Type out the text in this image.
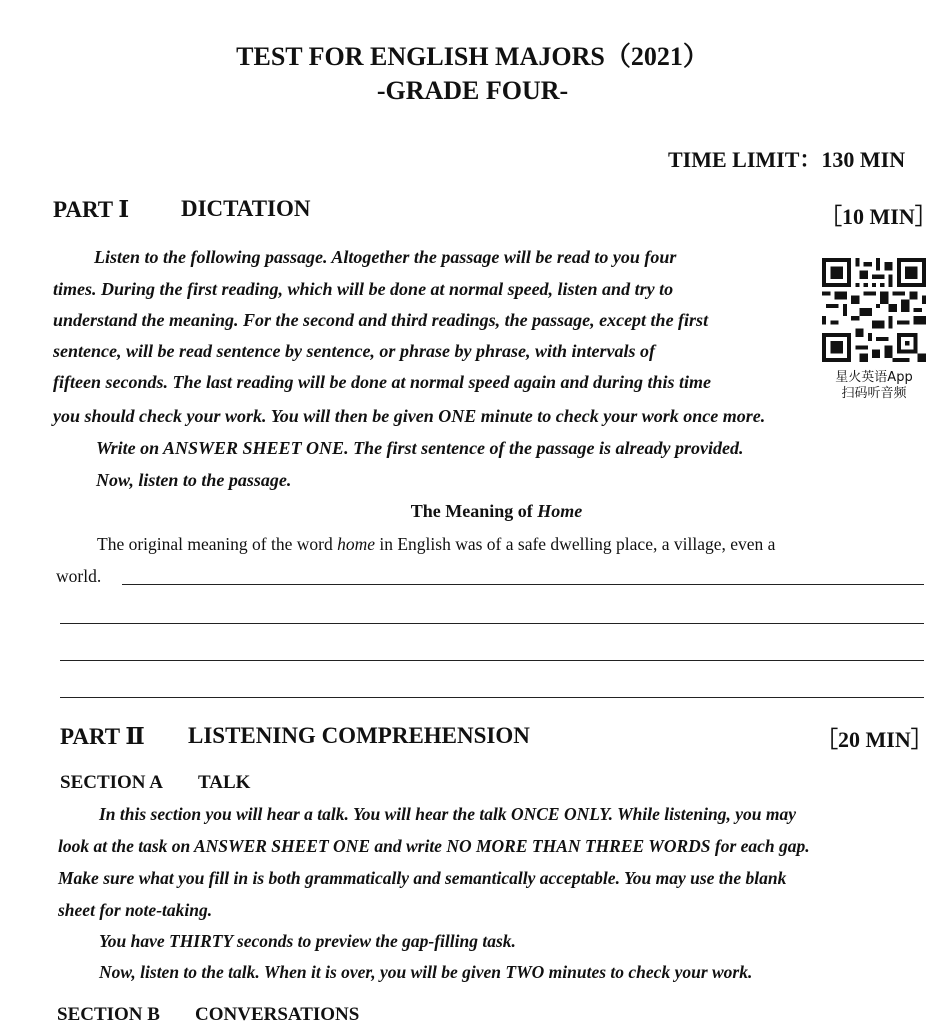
TEST FOR ENGLISH MAJORS（2021）
-GRADE FOUR-
TIME LIMIT：130 MIN
PART Ⅰ DICTATION	［10 MIN］
Listen to the following passage. Altogether the passage will be read to you four
times. During the first reading, which will be done at normal speed, listen and try to
understand the meaning. For the second and third readings, the passage, except the first
sentence, will be read sentence by sentence, or phrase by phrase, with intervals of
fifteen seconds. The last reading will be done at normal speed again and during this time
you should check your work. You will then be given ONE minute to check your work once more.
Write on ANSWER SHEET ONE. The first sentence of the passage is already provided.
Now, listen to the passage.
星火英语App
扫码听音频
The Meaning of Home
The original meaning of the word home in English was of a safe dwelling place, a village, even a
world.
PART Ⅱ LISTENING COMPREHENSION	［20 MIN］
SECTION A TALK
In this section you will hear a talk. You will hear the talk ONCE ONLY. While listening, you may
look at the task on ANSWER SHEET ONE and write NO MORE THAN THREE WORDS for each gap.
Make sure what you fill in is both grammatically and semantically acceptable. You may use the blank
sheet for note-taking.
You have THIRTY seconds to preview the gap-filling task.
Now, listen to the talk. When it is over, you will be given TWO minutes to check your work.
SECTION B CONVERSATIONS
